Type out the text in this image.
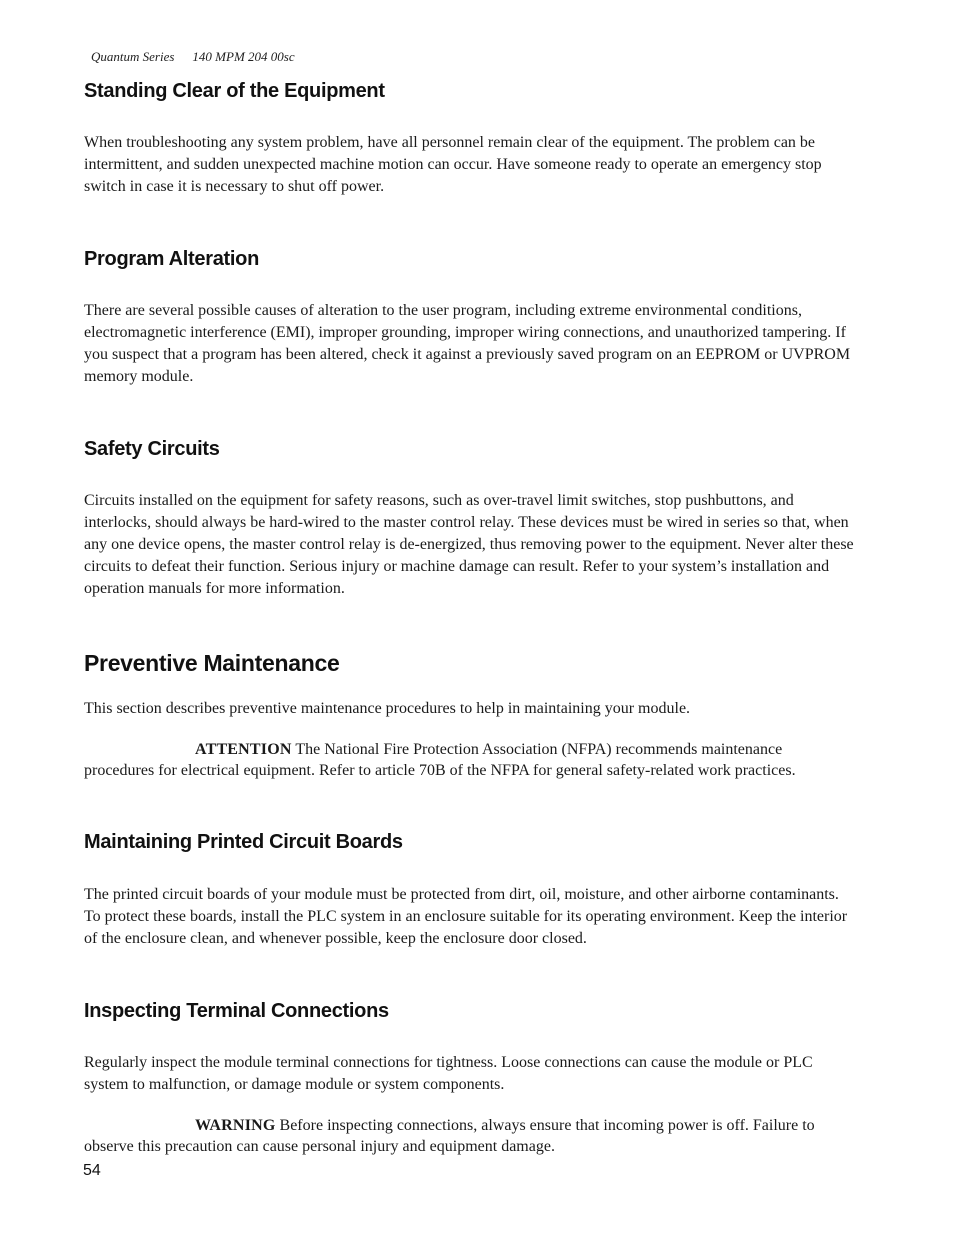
Quantum Series 140 MPM 204 00sc
Standing Clear of the Equipment

When troubleshooting any system problem, have all personnel remain clear of the equipment. The problem can be intermittent, and sudden unexpected machine motion can occur. Have someone ready to operate an emergency stop switch in case it is necessary to shut off power.

Program Alteration

There are several possible causes of alteration to the user program, including extreme environmental conditions, electromagnetic interference (EMI), improper grounding, improper wiring connections, and unauthorized tampering. If you suspect that a program has been altered, check it against a previously saved program on an EEPROM or UVPROM memory module.

Safety Circuits

Circuits installed on the equipment for safety reasons, such as over-travel limit switches, stop pushbuttons, and interlocks, should always be hard-wired to the master control relay. These devices must be wired in series so that, when any one device opens, the master control relay is de-energized, thus removing power to the equipment. Never alter these circuits to defeat their function. Serious injury or machine damage can result. Refer to your system’s installation and operation manuals for more information.

Preventive Maintenance

This section describes preventive maintenance procedures to help in maintaining your module.

ATTENTION The National Fire Protection Association (NFPA) recommends maintenance procedures for electrical equipment. Refer to article 70B of the NFPA for general safety-related work practices.

Maintaining Printed Circuit Boards

The printed circuit boards of your module must be protected from dirt, oil, moisture, and other airborne contaminants. To protect these boards, install the PLC system in an enclosure suitable for its operating environment. Keep the interior of the enclosure clean, and whenever possible, keep the enclosure door closed.

Inspecting Terminal Connections

Regularly inspect the module terminal connections for tightness. Loose connections can cause the module or PLC system to malfunction, or damage module or system components.

WARNING Before inspecting connections, always ensure that incoming power is off. Failure to observe this precaution can cause personal injury and equipment damage.

54
